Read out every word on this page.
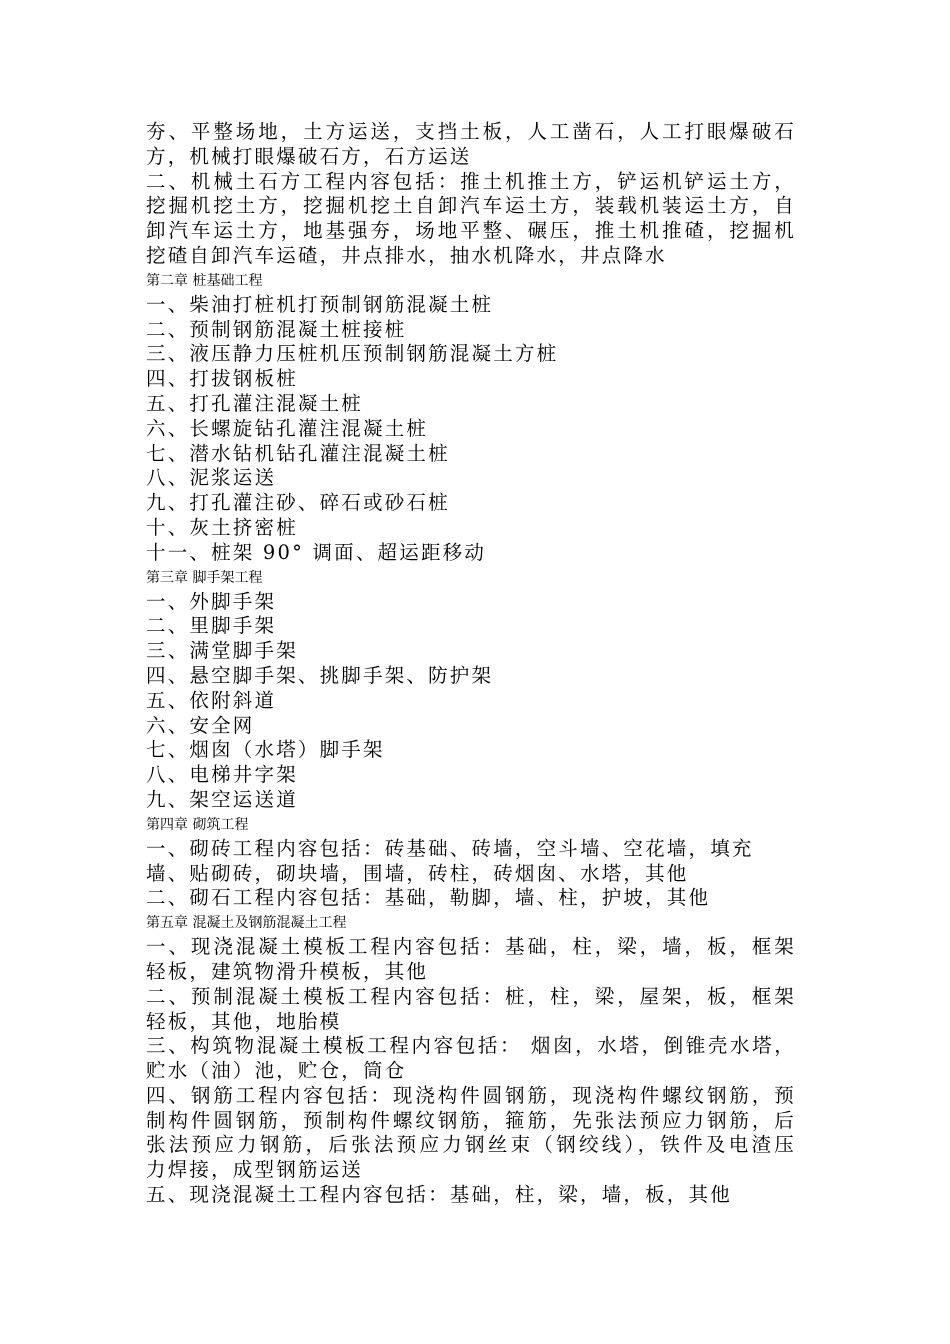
夯、平整场地，土方运送，支挡土板，人工凿石，人工打眼爆破石
方，机械打眼爆破石方，石方运送
二、机械土石方工程内容包括：推土机推土方，铲运机铲运土方，
挖掘机挖土方，挖掘机挖土自卸汽车运土方，装载机装运土方，自
卸汽车运土方，地基强夯，场地平整、碾压，推土机推碴，挖掘机
挖碴自卸汽车运碴，井点排水，抽水机降水，井点降水
第二章 桩基础工程
一、柴油打桩机打预制钢筋混凝土桩
二、预制钢筋混凝土桩接桩
三、液压静力压桩机压预制钢筋混凝土方桩
四、打拔钢板桩
五、打孔灌注混凝土桩
六、长螺旋钻孔灌注混凝土桩
七、潜水钻机钻孔灌注混凝土桩
八、泥浆运送
九、打孔灌注砂、碎石或砂石桩
十、灰土挤密桩
十一、桩架 90° 调面、超运距移动
第三章 脚手架工程
一、外脚手架
二、里脚手架
三、满堂脚手架
四、悬空脚手架、挑脚手架、防护架
五、依附斜道
六、安全网
七、烟囱（水塔）脚手架
八、电梯井字架
九、架空运送道
第四章 砌筑工程
一、砌砖工程内容包括：砖基础、砖墙，空斗墙、空花墙，填充
墙、贴砌砖，砌块墙，围墙，砖柱，砖烟囱、水塔，其他
二、砌石工程内容包括：基础，勒脚，墙、柱，护坡，其他
第五章 混凝土及钢筋混凝土工程
一、现浇混凝土模板工程内容包括：基础，柱，梁，墙，板，框架
轻板，建筑物滑升模板，其他
二、预制混凝土模板工程内容包括：桩，柱，梁，屋架，板，框架
轻板，其他，地胎模
三、构筑物混凝土模板工程内容包括： 烟囱，水塔，倒锥壳水塔，
贮水（油）池，贮仓，筒仓
四、钢筋工程内容包括：现浇构件圆钢筋，现浇构件螺纹钢筋，预
制构件圆钢筋，预制构件螺纹钢筋，箍筋，先张法预应力钢筋，后
张法预应力钢筋，后张法预应力钢丝束（钢绞线），铁件及电渣压
力焊接，成型钢筋运送
五、现浇混凝土工程内容包括：基础，柱，梁，墙，板，其他
